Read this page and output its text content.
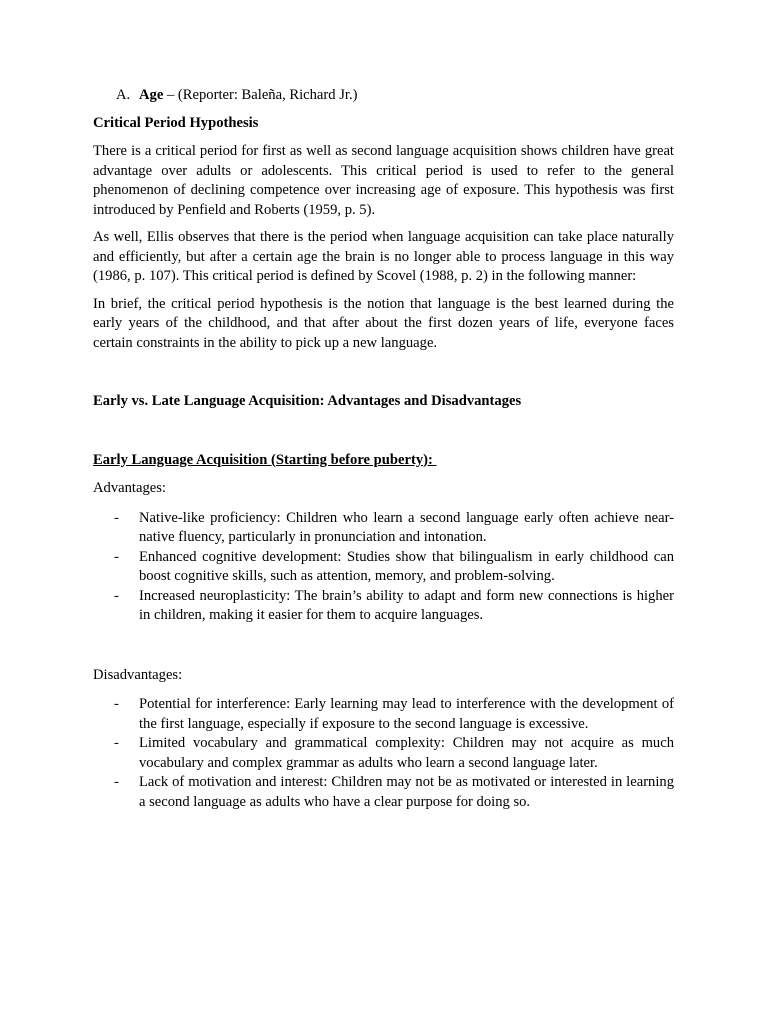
A. Age – (Reporter: Baleña, Richard Jr.)
Critical Period Hypothesis

There is a critical period for first as well as second language acquisition shows children have great advantage over adults or adolescents. This critical period is used to refer to the general phenomenon of declining competence over increasing age of exposure. This hypothesis was first introduced by Penfield and Roberts (1959, p. 5).

As well, Ellis observes that there is the period when language acquisition can take place naturally and efficiently, but after a certain age the brain is no longer able to process language in this way (1986, p. 107). This critical period is defined by Scovel (1988, p. 2) in the following manner:

In brief, the critical period hypothesis is the notion that language is the best learned during the early years of the childhood, and that after about the first dozen years of life, everyone faces certain constraints in the ability to pick up a new language.

Early vs. Late Language Acquisition: Advantages and Disadvantages
Early Language Acquisition (Starting before puberty):
Advantages:
-	Native-like proficiency: Children who learn a second language early often achieve near-native fluency, particularly in pronunciation and intonation.
-	Enhanced cognitive development: Studies show that bilingualism in early childhood can boost cognitive skills, such as attention, memory, and problem-solving.
-	Increased neuroplasticity: The brain’s ability to adapt and form new connections is higher in children, making it easier for them to acquire languages.
Disadvantages:
-	Potential for interference: Early learning may lead to interference with the development of the first language, especially if exposure to the second language is excessive.
-	Limited vocabulary and grammatical complexity: Children may not acquire as much vocabulary and complex grammar as adults who learn a second language later.
-	Lack of motivation and interest: Children may not be as motivated or interested in learning a second language as adults who have a clear purpose for doing so.
